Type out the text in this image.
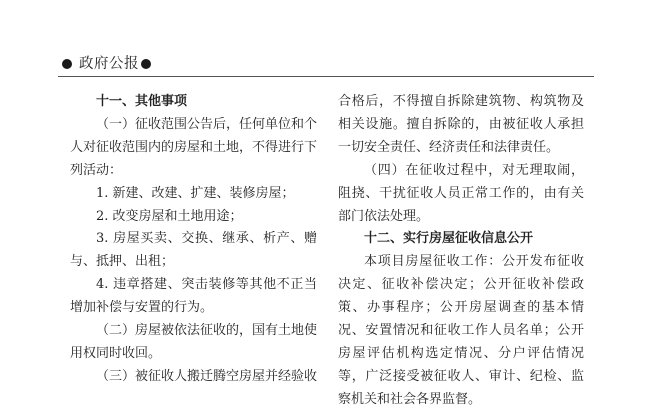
政府公报

十一、其他事项

（一）征收范围公告后，任何单位和个人对征收范围内的房屋和土地，不得进行下列活动：

1. 新建、改建、扩建、装修房屋；

2. 改变房屋和土地用途；

3. 房屋买卖、交换、继承、析产、赠与、抵押、出租；

4. 违章搭建、突击装修等其他不正当增加补偿与安置的行为。

（二）房屋被依法征收的，国有土地使用权同时收回。

（三）被征收人搬迁腾空房屋并经验收

合格后，不得擅自拆除建筑物、构筑物及相关设施。擅自拆除的，由被征收人承担一切安全责任、经济责任和法律责任。

（四）在征收过程中，对无理取闹，阻挠、干扰征收人员正常工作的，由有关部门依法处理。

十二、实行房屋征收信息公开

本项目房屋征收工作：公开发布征收决定、征收补偿决定；公开征收补偿政策、办事程序；公开房屋调查的基本情况、安置情况和征收工作人员名单；公开房屋评估机构选定情况、分户评估情况等，广泛接受被征收人、审计、纪检、监察机关和社会各界监督。
